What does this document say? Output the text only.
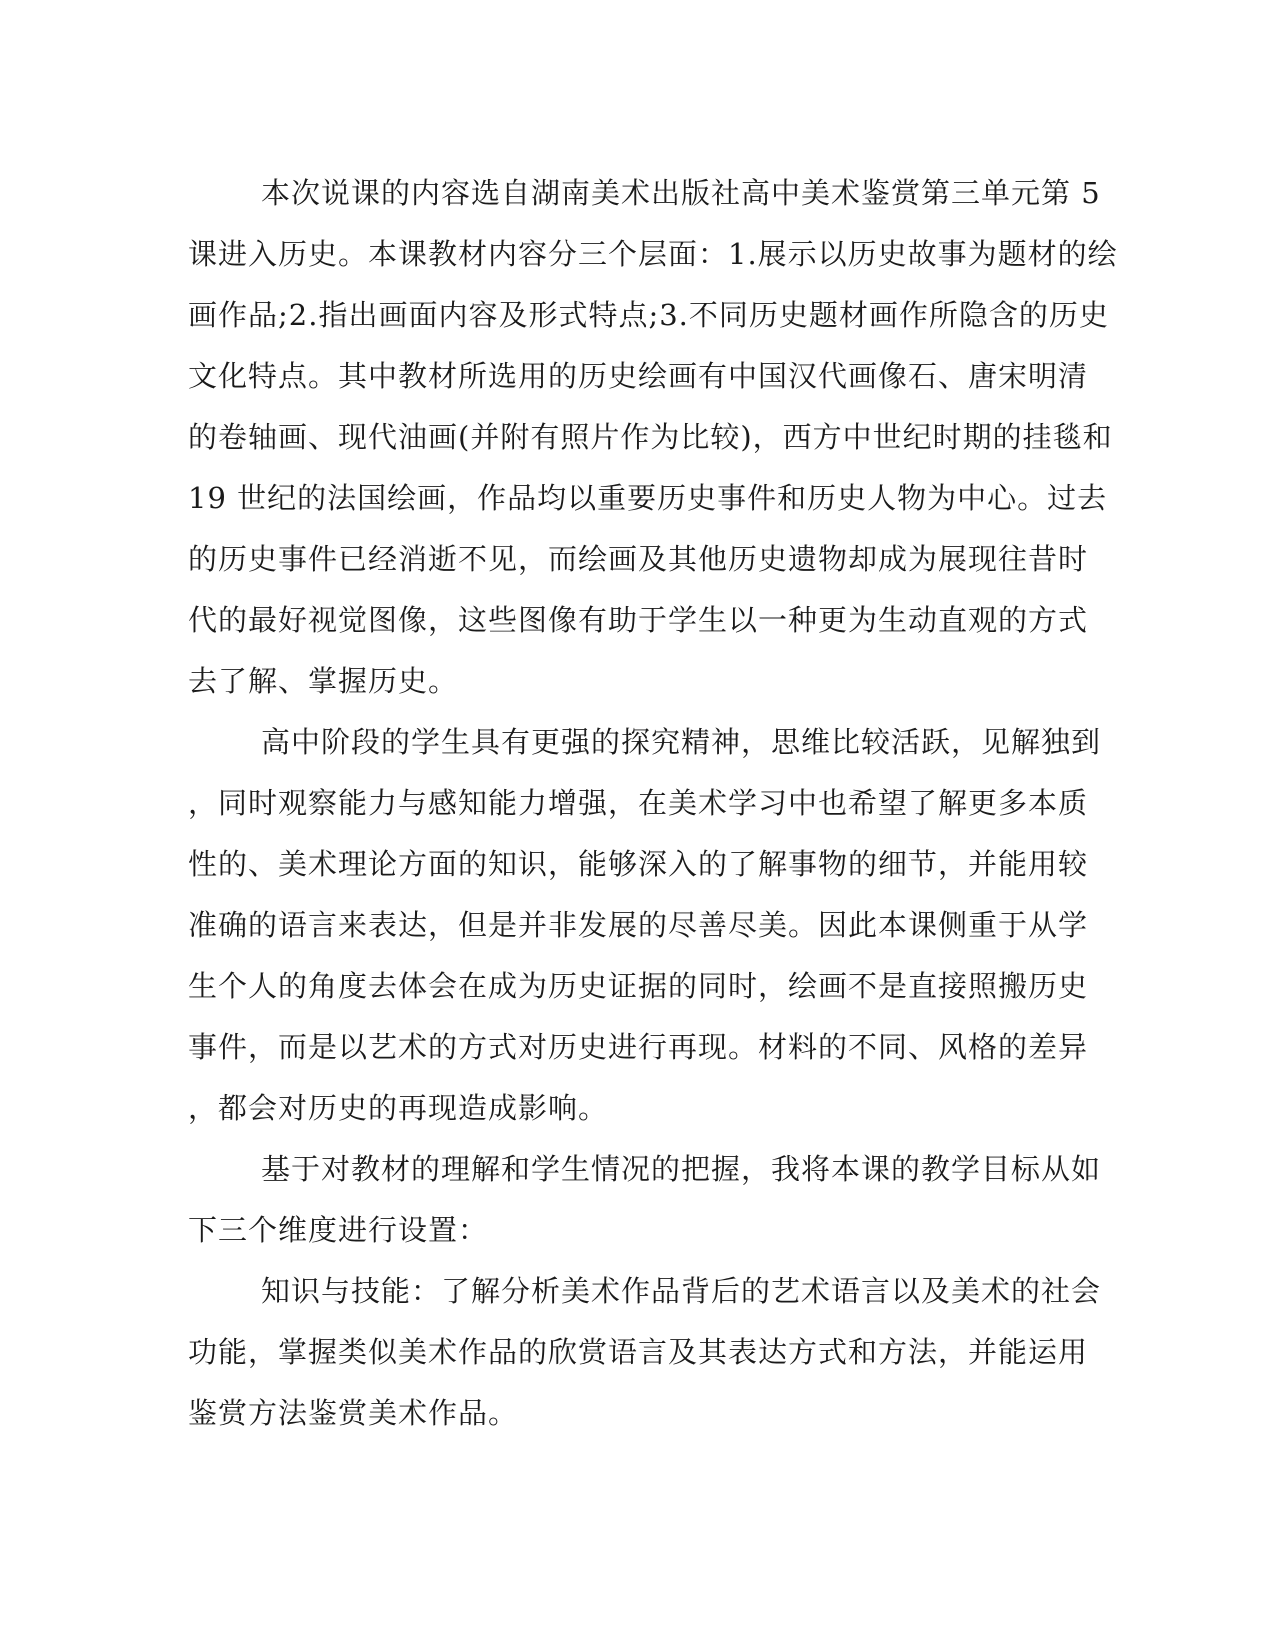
本次说课的内容选自湖南美术出版社高中美术鉴赏第三单元第 5
课进入历史。本课教材内容分三个层面：1.展示以历史故事为题材的绘
画作品;2.指出画面内容及形式特点;3.不同历史题材画作所隐含的历史
文化特点。其中教材所选用的历史绘画有中国汉代画像石、唐宋明清
的卷轴画、现代油画(并附有照片作为比较)，西方中世纪时期的挂毯和
19 世纪的法国绘画，作品均以重要历史事件和历史人物为中心。过去
的历史事件已经消逝不见，而绘画及其他历史遗物却成为展现往昔时
代的最好视觉图像，这些图像有助于学生以一种更为生动直观的方式
去了解、掌握历史。
高中阶段的学生具有更强的探究精神，思维比较活跃，见解独到
，同时观察能力与感知能力增强，在美术学习中也希望了解更多本质
性的、美术理论方面的知识，能够深入的了解事物的细节，并能用较
准确的语言来表达，但是并非发展的尽善尽美。因此本课侧重于从学
生个人的角度去体会在成为历史证据的同时，绘画不是直接照搬历史
事件，而是以艺术的方式对历史进行再现。材料的不同、风格的差异
，都会对历史的再现造成影响。
基于对教材的理解和学生情况的把握，我将本课的教学目标从如
下三个维度进行设置：
知识与技能：了解分析美术作品背后的艺术语言以及美术的社会
功能，掌握类似美术作品的欣赏语言及其表达方式和方法，并能运用
鉴赏方法鉴赏美术作品。
